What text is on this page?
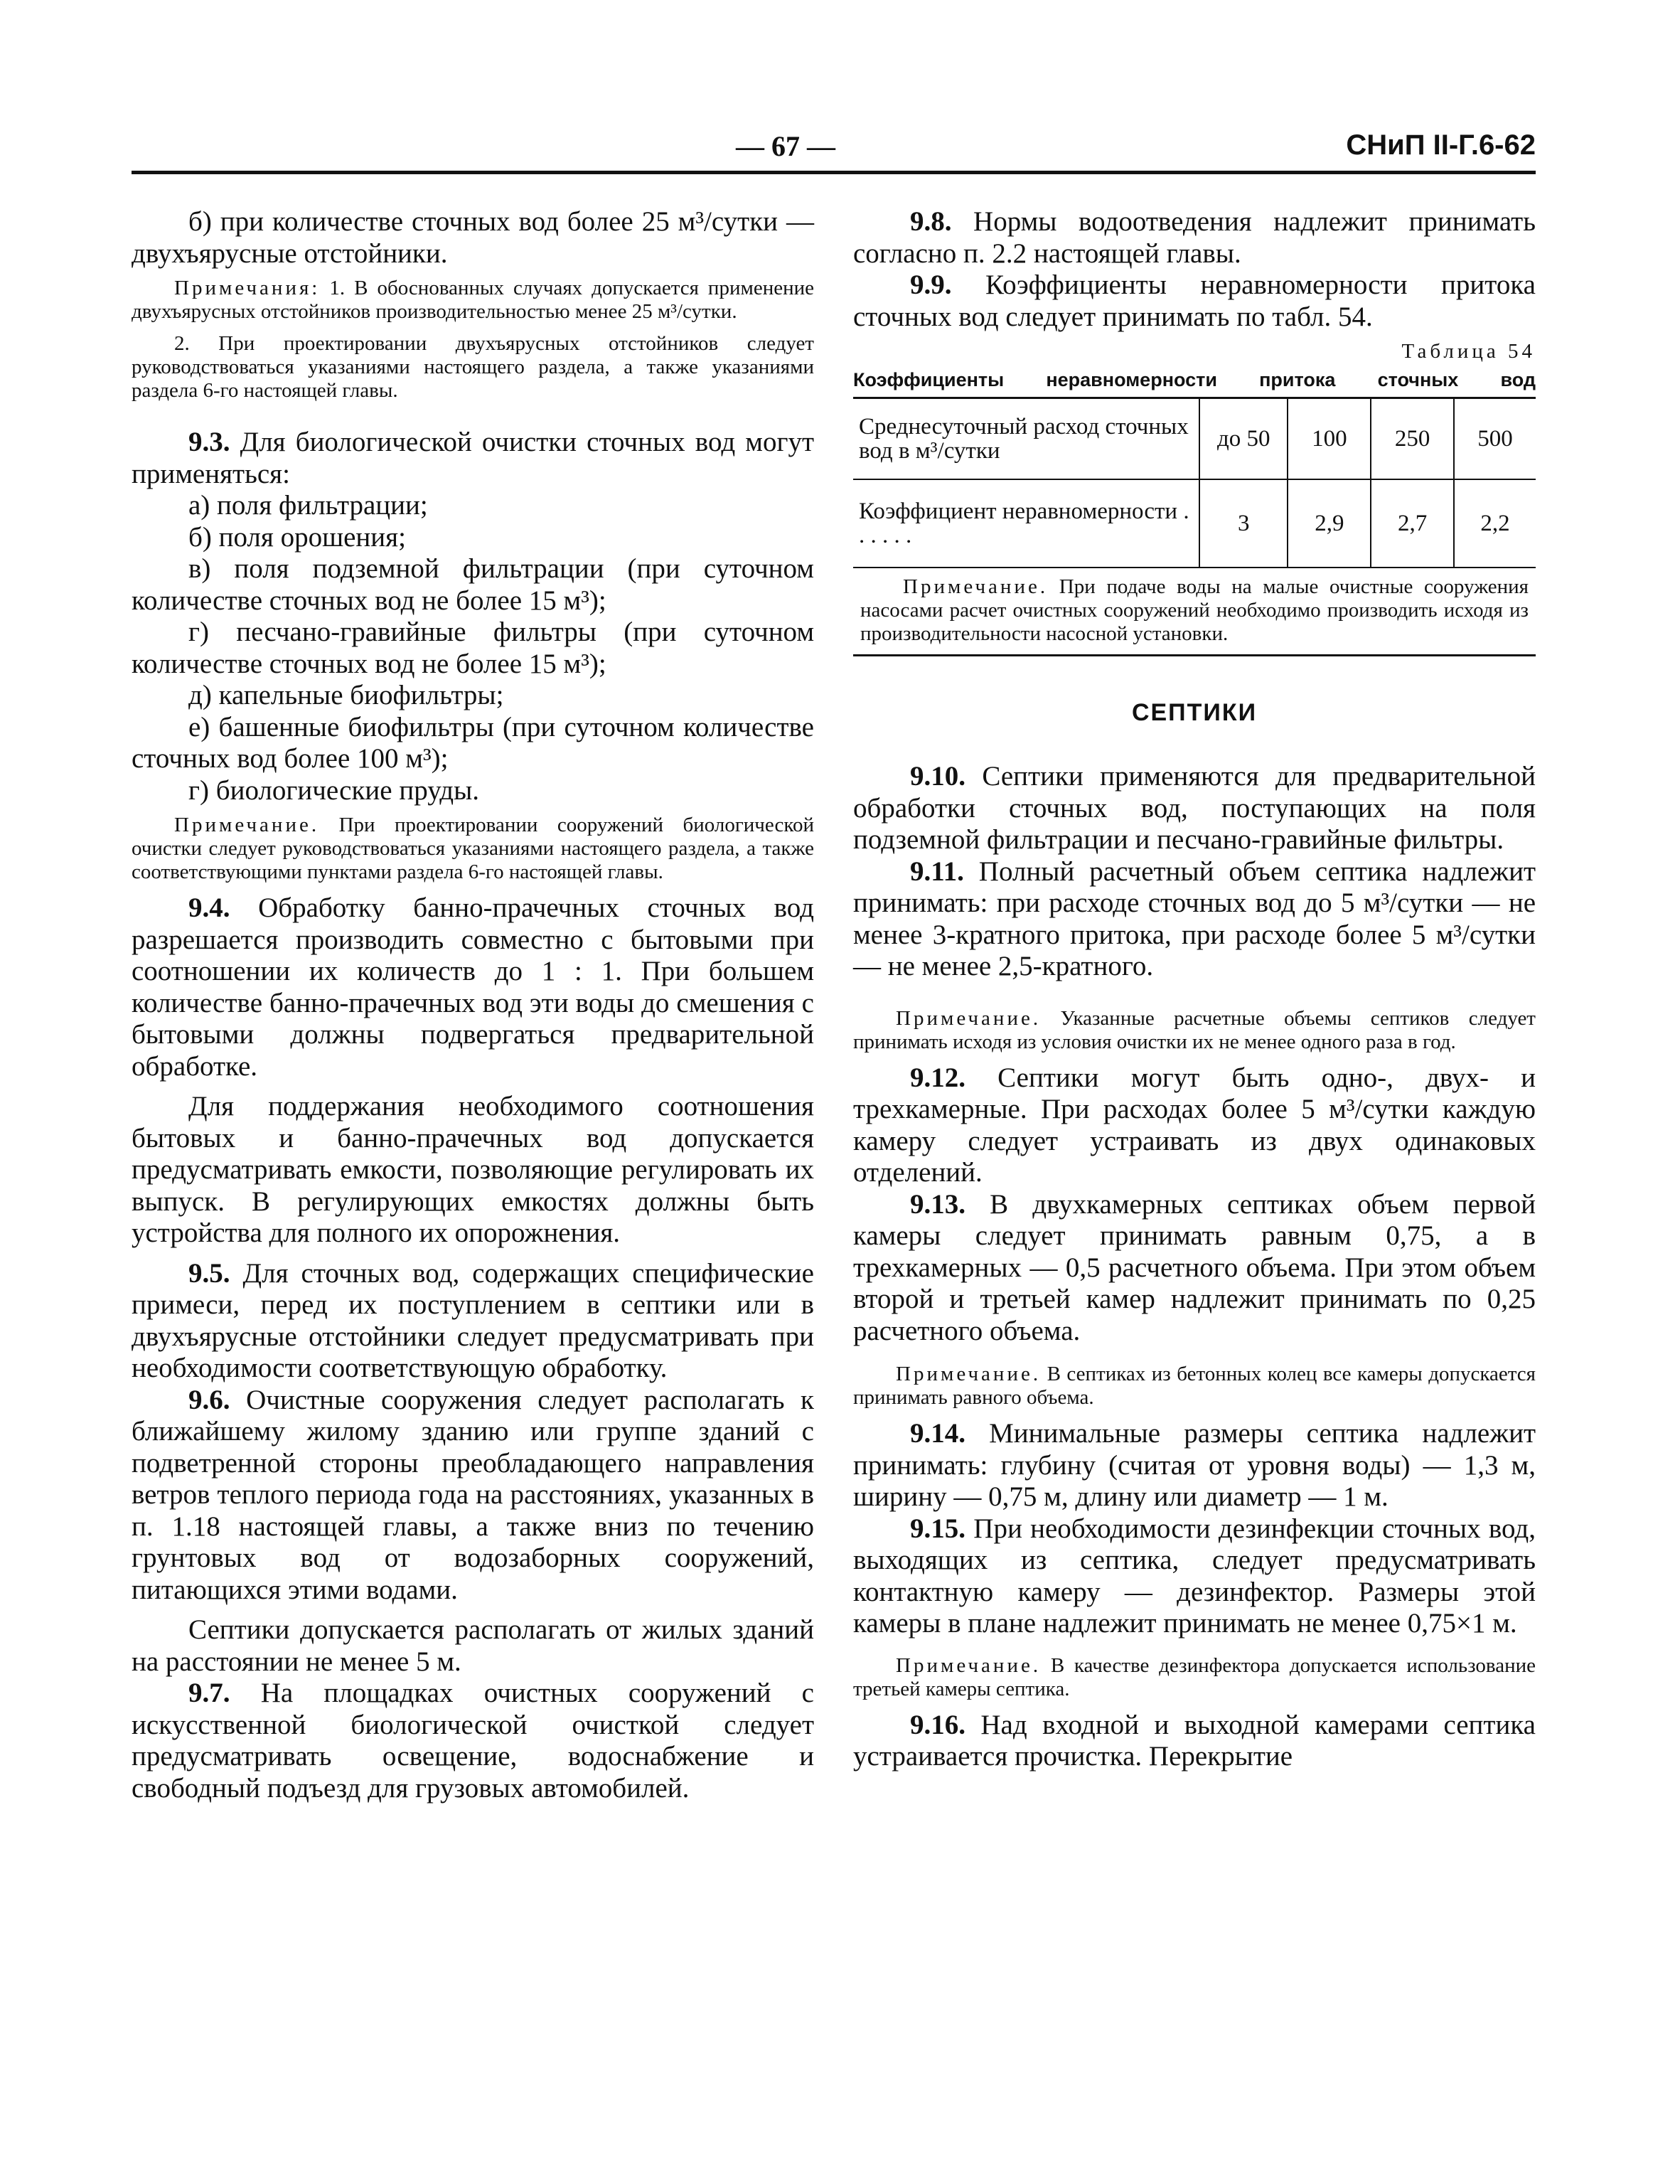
— 67 —	СНиП II-Г.6-62

б) при количестве сточных вод более 25 м³/сутки — двухъярусные отстойники.

Примечания: 1. В обоснованных случаях допускается применение двухъярусных отстойников производительностью менее 25 м³/сутки.

2. При проектировании двухъярусных отстойников следует руководствоваться указаниями настоящего раздела, а также указаниями раздела 6-го настоящей главы.

9.3. Для биологической очистки сточных вод могут применяться:

а) поля фильтрации;

б) поля орошения;

в) поля подземной фильтрации (при суточном количестве сточных вод не более 15 м³);

г) песчано-гравийные фильтры (при суточном количестве сточных вод не более 15 м³);

д) капельные биофильтры;

е) башенные биофильтры (при суточном количестве сточных вод более 100 м³);

г) биологические пруды.

Примечание. При проектировании сооружений биологической очистки следует руководствоваться указаниями настоящего раздела, а также соответствующими пунктами раздела 6-го настоящей главы.

9.4. Обработку банно-прачечных сточных вод разрешается производить совместно с бытовыми при соотношении их количеств до 1 : 1. При большем количестве банно-прачечных вод эти воды до смешения с бытовыми должны подвергаться предварительной обработке.

Для поддержания необходимого соотношения бытовых и банно-прачечных вод допускается предусматривать емкости, позволяющие регулировать их выпуск. В регулирующих емкостях должны быть устройства для полного их опорожнения.

9.5. Для сточных вод, содержащих специфические примеси, перед их поступлением в септики или в двухъярусные отстойники следует предусматривать при необходимости соответствующую обработку.

9.6. Очистные сооружения следует располагать к ближайшему жилому зданию или группе зданий с подветренной стороны преобладающего направления ветров теплого периода года на расстояниях, указанных в п. 1.18 настоящей главы, а также вниз по течению грунтовых вод от водозаборных сооружений, питающихся этими водами.

Септики допускается располагать от жилых зданий на расстоянии не менее 5 м.

9.7. На площадках очистных сооружений с искусственной биологической очисткой следует предусматривать освещение, водоснабжение и свободный подъезд для грузовых автомобилей.

9.8. Нормы водоотведения надлежит принимать согласно п. 2.2 настоящей главы.

9.9. Коэффициенты неравномерности притока сточных вод следует принимать по табл. 54.

Таблица 54

Коэффициенты неравномерности притока сточных вод

Среднесуточный расход сточных вод в м³/сутки	до 50	100	250	500
Коэффициент неравномерности . . . . . .	3	2,9	2,7	2,2
Примечание. При подаче воды на малые очистные сооружения насосами расчет очистных сооружений необходимо производить исходя из производительности насосной установки.				

СЕПТИКИ

9.10. Септики применяются для предварительной обработки сточных вод, поступающих на поля подземной фильтрации и песчано-гравийные фильтры.

9.11. Полный расчетный объем септика надлежит принимать: при расходе сточных вод до 5 м³/сутки — не менее 3-кратного притока, при расходе более 5 м³/сутки — не менее 2,5-кратного.

Примечание. Указанные расчетные объемы септиков следует принимать исходя из условия очистки их не менее одного раза в год.

9.12. Септики могут быть одно-, двух- и трехкамерные. При расходах более 5 м³/сутки каждую камеру следует устраивать из двух одинаковых отделений.

9.13. В двухкамерных септиках объем первой камеры следует принимать равным 0,75, а в трехкамерных — 0,5 расчетного объема. При этом объем второй и третьей камер надлежит принимать по 0,25 расчетного объема.

Примечание. В септиках из бетонных колец все камеры допускается принимать равного объема.

9.14. Минимальные размеры септика надлежит принимать: глубину (считая от уровня воды) — 1,3 м, ширину — 0,75 м, длину или диаметр — 1 м.

9.15. При необходимости дезинфекции сточных вод, выходящих из септика, следует предусматривать контактную камеру — дезинфектор. Размеры этой камеры в плане надлежит принимать не менее 0,75×1 м.

Примечание. В качестве дезинфектора допускается использование третьей камеры септика.

9.16. Над входной и выходной камерами септика устраивается прочистка. Перекрытие
